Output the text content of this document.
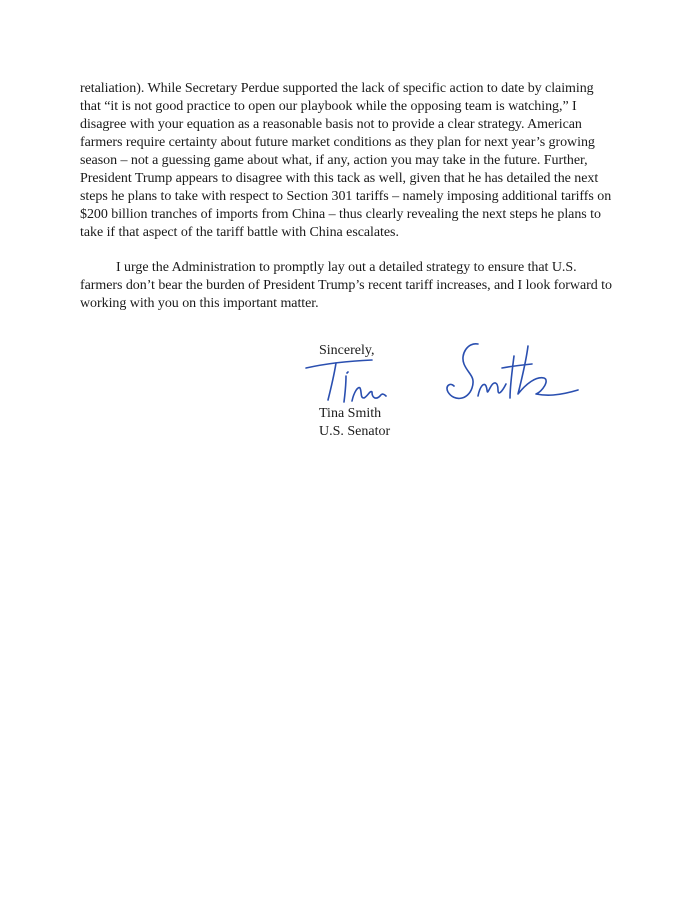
retaliation). While Secretary Perdue supported the lack of specific action to date by claiming
that “it is not good practice to open our playbook while the opposing team is watching,” I
disagree with your equation as a reasonable basis not to provide a clear strategy. American
farmers require certainty about future market conditions as they plan for next year’s growing
season – not a guessing game about what, if any, action you may take in the future. Further,
President Trump appears to disagree with this tack as well, given that he has detailed the next
steps he plans to take with respect to Section 301 tariffs – namely imposing additional tariffs on
$200 billion tranches of imports from China – thus clearly revealing the next steps he plans to
take if that aspect of the tariff battle with China escalates.
I urge the Administration to promptly lay out a detailed strategy to ensure that U.S.
farmers don’t bear the burden of President Trump’s recent tariff increases, and I look forward to
working with you on this important matter.
Sincerely,
Tina Smith
U.S. Senator
